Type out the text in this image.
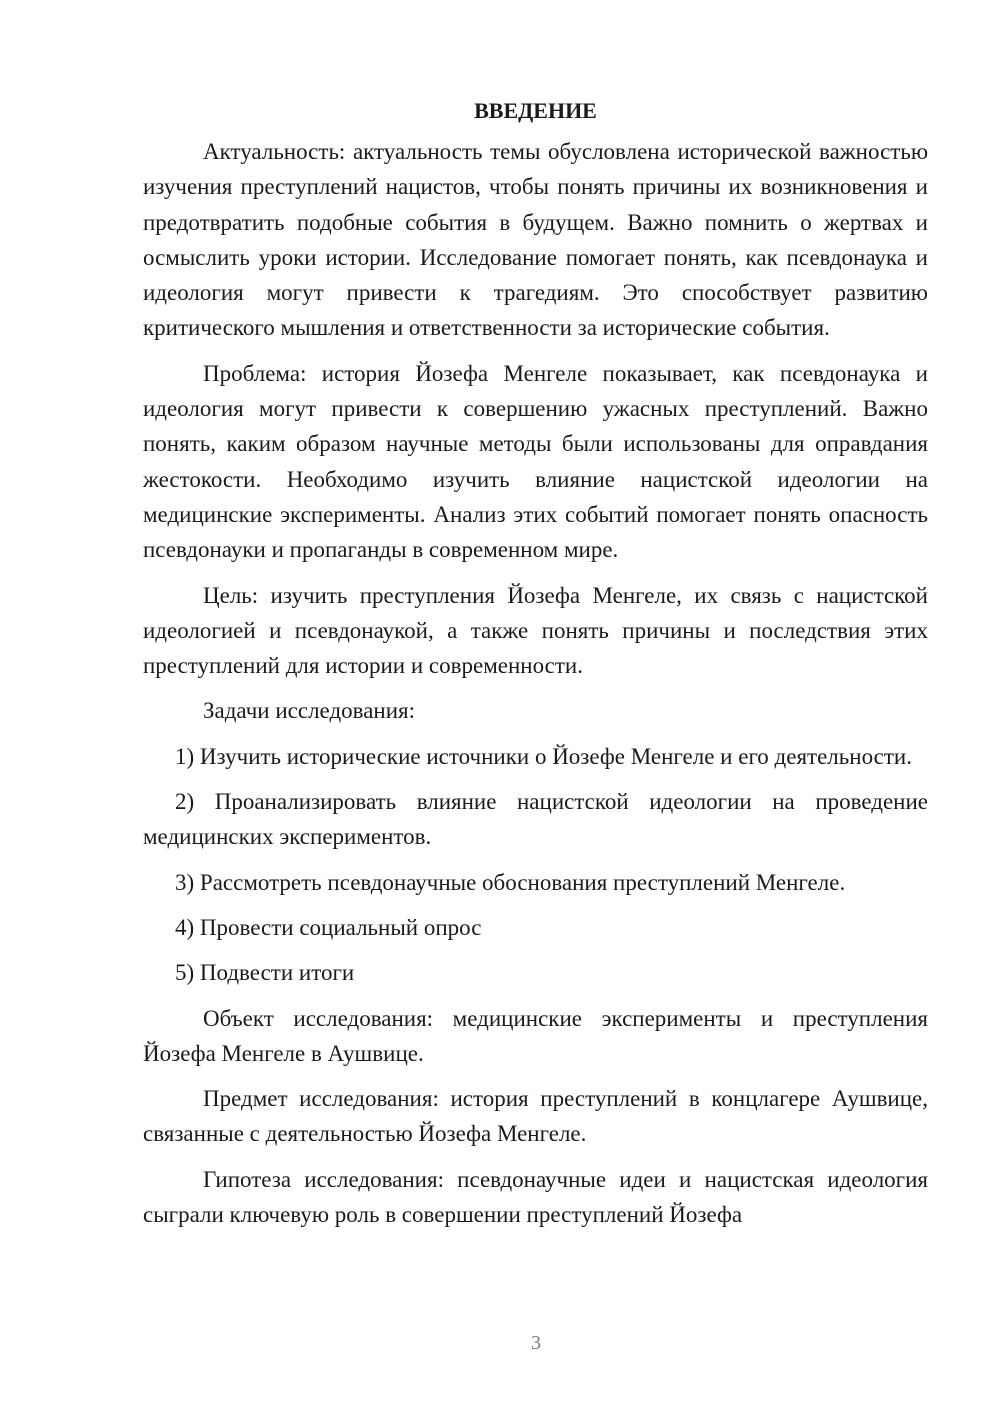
ВВЕДЕНИЕ

Актуальность: актуальность темы обусловлена исторической важностью изучения преступлений нацистов, чтобы понять причины их возникновения и предотвратить подобные события в будущем. Важно помнить о жертвах и осмыслить уроки истории. Исследование помогает понять, как псевдонаука и идеология могут привести к трагедиям. Это способствует развитию критического мышления и ответственности за исторические события.

Проблема: история Йозефа Менгеле показывает, как псевдонаука и идеология могут привести к совершению ужасных преступлений. Важно понять, каким образом научные методы были использованы для оправдания жестокости. Необходимо изучить влияние нацистской идеологии на медицинские эксперименты. Анализ этих событий помогает понять опасность псевдонауки и пропаганды в современном мире.

Цель: изучить преступления Йозефа Менгеле, их связь с нацистской идеологией и псевдонаукой, а также понять причины и последствия этих преступлений для истории и современности.

Задачи исследования:

1) Изучить исторические источники о Йозефе Менгеле и его деятельности.

2) Проанализировать влияние нацистской идеологии на проведение медицинских экспериментов.

3) Рассмотреть псевдонаучные обоснования преступлений Менгеле.

4) Провести социальный опрос

5) Подвести итоги

Объект исследования: медицинские эксперименты и преступления Йозефа Менгеле в Аушвице.

Предмет исследования: история преступлений в концлагере Аушвице, связанные с деятельностью Йозефа Менгеле.

Гипотеза исследования: псевдонаучные идеи и нацистская идеология сыграли ключевую роль в совершении преступлений Йозефа

3
